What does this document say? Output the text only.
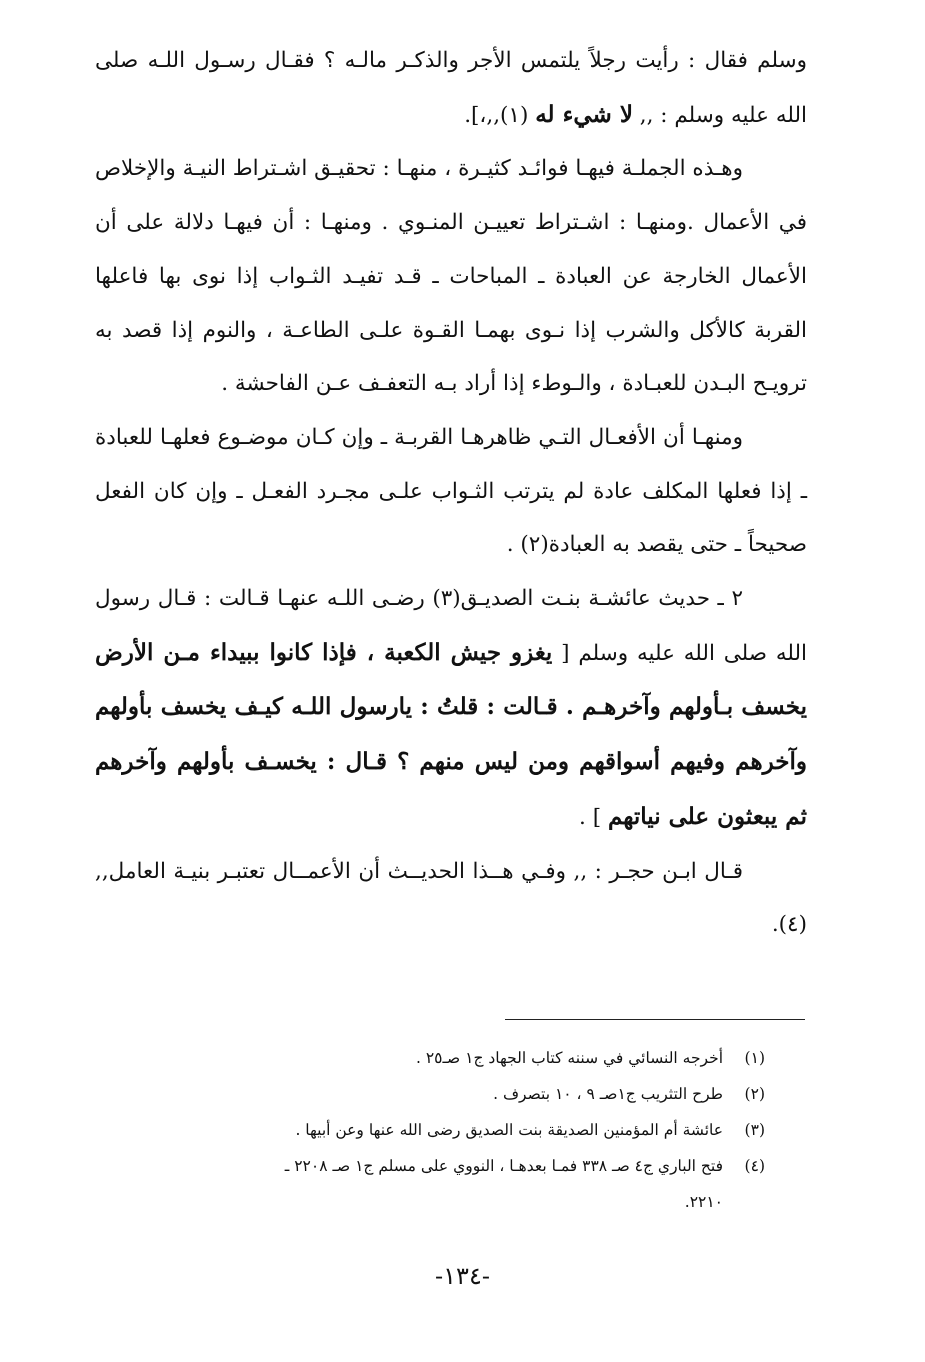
وسلم فقال : رأيت رجلاً يلتمس الأجر والذكـر مالـه ؟ فقـال رسـول اللـه صلى الله عليه وسلم : ,, لا شيء له (١),,،].

وهـذه الجملـة فيهـا فوائـد كثيـرة ، منهـا : تحقيـق اشـتراط النيـة والإخلاص في الأعمال .ومنهـا : اشـتراط تعييـن المنـوي . ومنهـا : أن فيهـا دلالة على أن الأعمال الخارجة عن العبادة ـ المباحات ـ قـد تفيـد الثـواب إذا نوى بها فاعلها القربة كالأكل والشرب إذا نـوى بهمـا القـوة علـى الطاعـة ، والنوم إذا قصد به ترويـح البـدن للعبـادة ، والـوطء إذا أراد بـه التعفـف عـن الفاحشة .

ومنهـا أن الأفعـال التـي ظاهرهـا القربـة ـ وإن كـان موضـوع فعلهـا للعبادة ـ إذا فعلها المكلف عادة لم يترتب الثـواب علـى مجـرد الفعـل ـ وإن كان الفعل صحيحاً ـ حتى يقصد به العبادة(٢) .

٢ ـ حديث عائشـة بنـت الصديـق(٣) رضـى اللـه عنهـا قـالت : قـال رسول الله صلى الله عليه وسلم [ يغزو جيش الكعبة ، فإذا كانوا ببيداء مـن الأرض يخسف بـأولهم وآخرهـم . قـالت : قلتُ : يارسول اللـه كيـف يخسف بأولهم وآخرهم وفيهم أسواقهم ومن ليس منهم ؟ قـال : يخسـف بأولهم وآخرهم ثم يبعثون على نياتهم ] .

قـال ابـن حجـر : ,, وفـي هــذا الحديــث أن الأعمــال تعتبـر بنيـة العامل,,(٤).

(١)أخرجه النسائي في سننه كتاب الجهاد ج١ صـ٢٥ .

(٢)طرح التثريب ج١صـ ٩ ، ١٠ بتصرف .

(٣)عائشة أم المؤمنين الصديقة بنت الصديق رضى الله عنها وعن أبيها .

(٤)فتح الباري ج٤ صـ ٣٣٨ فمـا بعدهـا ، النووي على مسلم ج١ صـ ٢٢٠٨ ـ

٢٢١٠.

-١٣٤-
